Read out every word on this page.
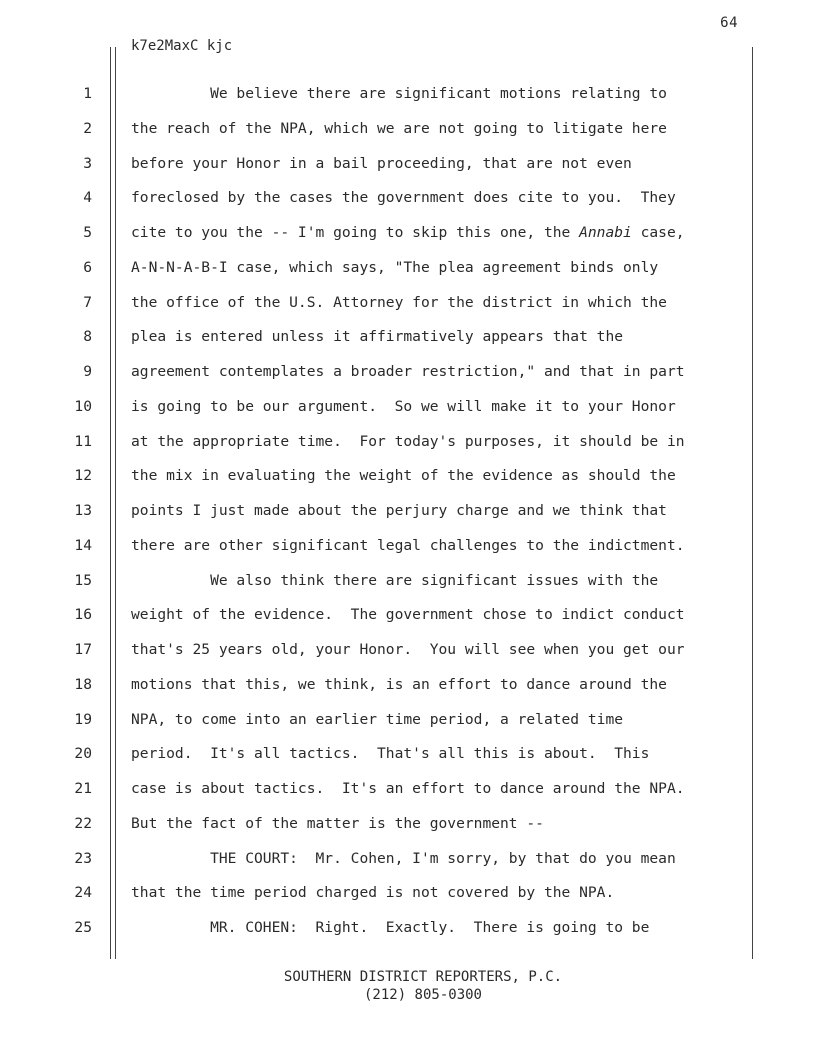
64
k7e2MaxC kjc
1	We believe there are significant motions relating to
2	the reach of the NPA, which we are not going to litigate here
3	before your Honor in a bail proceeding, that are not even
4	foreclosed by the cases the government does cite to you.  They
5	cite to you the -- I'm going to skip this one, the Annabi case,
6	A-N-N-A-B-I case, which says, "The plea agreement binds only
7	the office of the U.S. Attorney for the district in which the
8	plea is entered unless it affirmatively appears that the
9	agreement contemplates a broader restriction," and that in part
10	is going to be our argument.  So we will make it to your Honor
11	at the appropriate time.  For today's purposes, it should be in
12	the mix in evaluating the weight of the evidence as should the
13	points I just made about the perjury charge and we think that
14	there are other significant legal challenges to the indictment.
15	We also think there are significant issues with the
16	weight of the evidence.  The government chose to indict conduct
17	that's 25 years old, your Honor.  You will see when you get our
18	motions that this, we think, is an effort to dance around the
19	NPA, to come into an earlier time period, a related time
20	period.  It's all tactics.  That's all this is about.  This
21	case is about tactics.  It's an effort to dance around the NPA.
22	But the fact of the matter is the government --
23	THE COURT:  Mr. Cohen, I'm sorry, by that do you mean
24	that the time period charged is not covered by the NPA.
25	MR. COHEN:  Right.  Exactly.  There is going to be
SOUTHERN DISTRICT REPORTERS, P.C.
(212) 805-0300
